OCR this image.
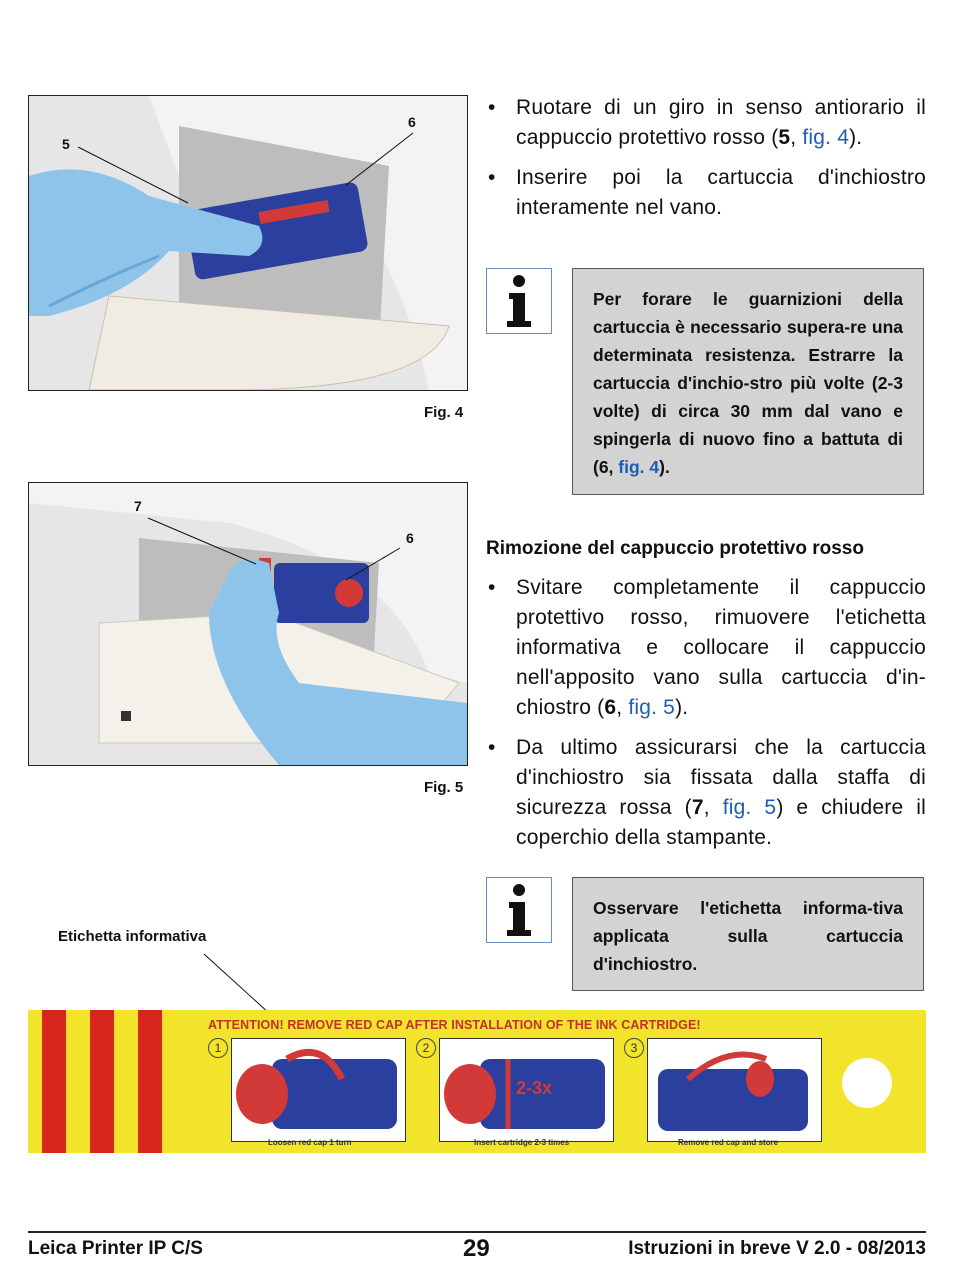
5
6
Fig. 4
7
6
Fig. 5
• Ruotare di un giro in senso antiorario il cappuccio protettivo rosso (5, fig. 4).
• Inserire poi la cartuccia d'inchiostro interamente nel vano.
Per forare le guarnizioni della cartuccia è necessario supera-re una determinata resistenza. Estrarre la cartuccia d'inchio-stro più volte (2-3 volte) di circa 30 mm dal vano e spingerla di nuovo fino a battuta di (6, fig. 4).
Rimozione del cappuccio protettivo rosso
• Svitare completamente il cappuccio protettivo rosso, rimuovere l'etichetta informativa e collocare il cappuccio nell'apposito vano sulla cartuccia d'in-chiostro (6, fig. 5).
• Da ultimo assicurarsi che la cartuccia d'inchiostro sia fissata dalla staffa di sicurezza rossa (7, fig. 5) e chiudere il coperchio della stampante.
Osservare l'etichetta informa-tiva applicata sulla cartuccia d'inchiostro.
Etichetta informativa
ATTENTION! REMOVE RED CAP AFTER INSTALLATION OF THE INK CARTRIDGE!
1
Loosen red cap 1 turn
2
2-3x
Insert cartridge 2-3 times
3
Remove red cap and store
Leica Printer IP C/S	29	Istruzioni in breve V 2.0 - 08/2013
